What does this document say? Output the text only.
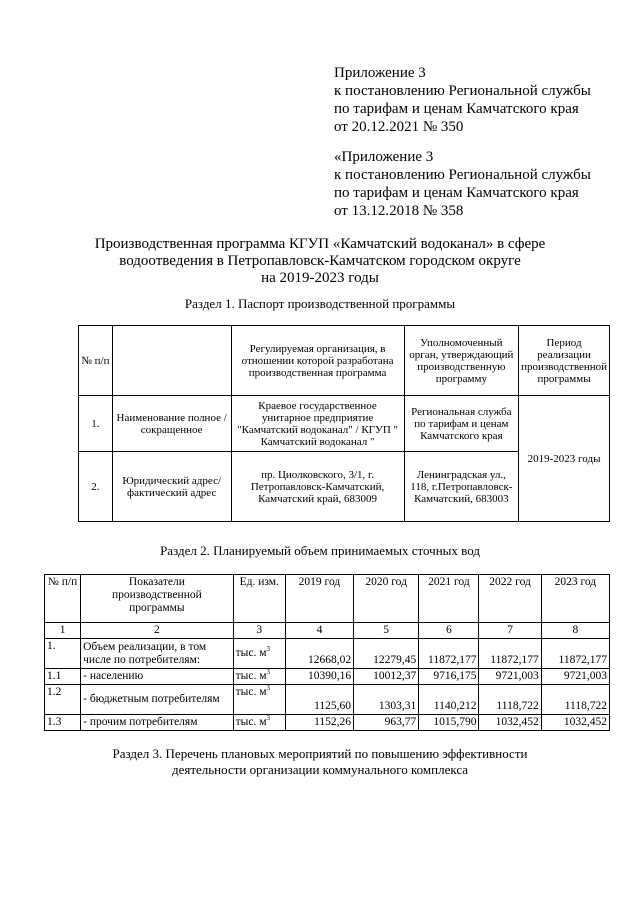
Приложение 3
к постановлению Региональной службы
по тарифам и ценам Камчатского края
от 20.12.2021 № 350
«Приложение 3
к постановлению Региональной службы
по тарифам и ценам Камчатского края
от 13.12.2018 № 358
Производственная программа КГУП «Камчатский водоканал» в сфере
водоотведения в Петропавловск-Камчатском городском округе
на 2019-2023 годы
Раздел 1. Паспорт производственной программы
№ п/п		Регулируемая организация, в отношении которой разработана производственная программа	Уполномоченный орган, утверждающий производственную программу	Период реализации производственной программы
1.	Наименование полное / сокращенное	Краевое государственное унитарное предприятие "Камчатский водоканал" / КГУП " Камчатский водоканал "	Региональная служба по тарифам и ценам Камчатского края	2019-2023 годы
2.	Юридический адрес/фактический адрес	пр. Циолковского, 3/1, г. Петропавловск-Камчатский, Камчатский край, 683009	Ленинградская ул., 118, г.Петропавловск-Камчатский, 683003	
Раздел 2. Планируемый объем принимаемых сточных вод
№ п/п	Показатели производственной программы	Ед. изм.	2019 год	2020 год	2021 год	2022 год	2023 год
1	2	3	4	5	6	7	8
1.	Объем реализации, в том числе по потребителям:	тыс. $м^3$	12668,02	12279,45	11872,177	11872,177	11872,177
1.1	- населению	тыс. $м^3$	10390,16	10012,37	9716,175	9721,003	9721,003
1.2	- бюджетным потребителям	тыс. $м^3$	1125,60	1303,31	1140,212	1118,722	1118,722
1.3	- прочим потребителям	тыс. $м^3$	1152,26	963,77	1015,790	1032,452	1032,452
Раздел 3. Перечень плановых мероприятий по повышению эффективности
деятельности организации коммунального комплекса
